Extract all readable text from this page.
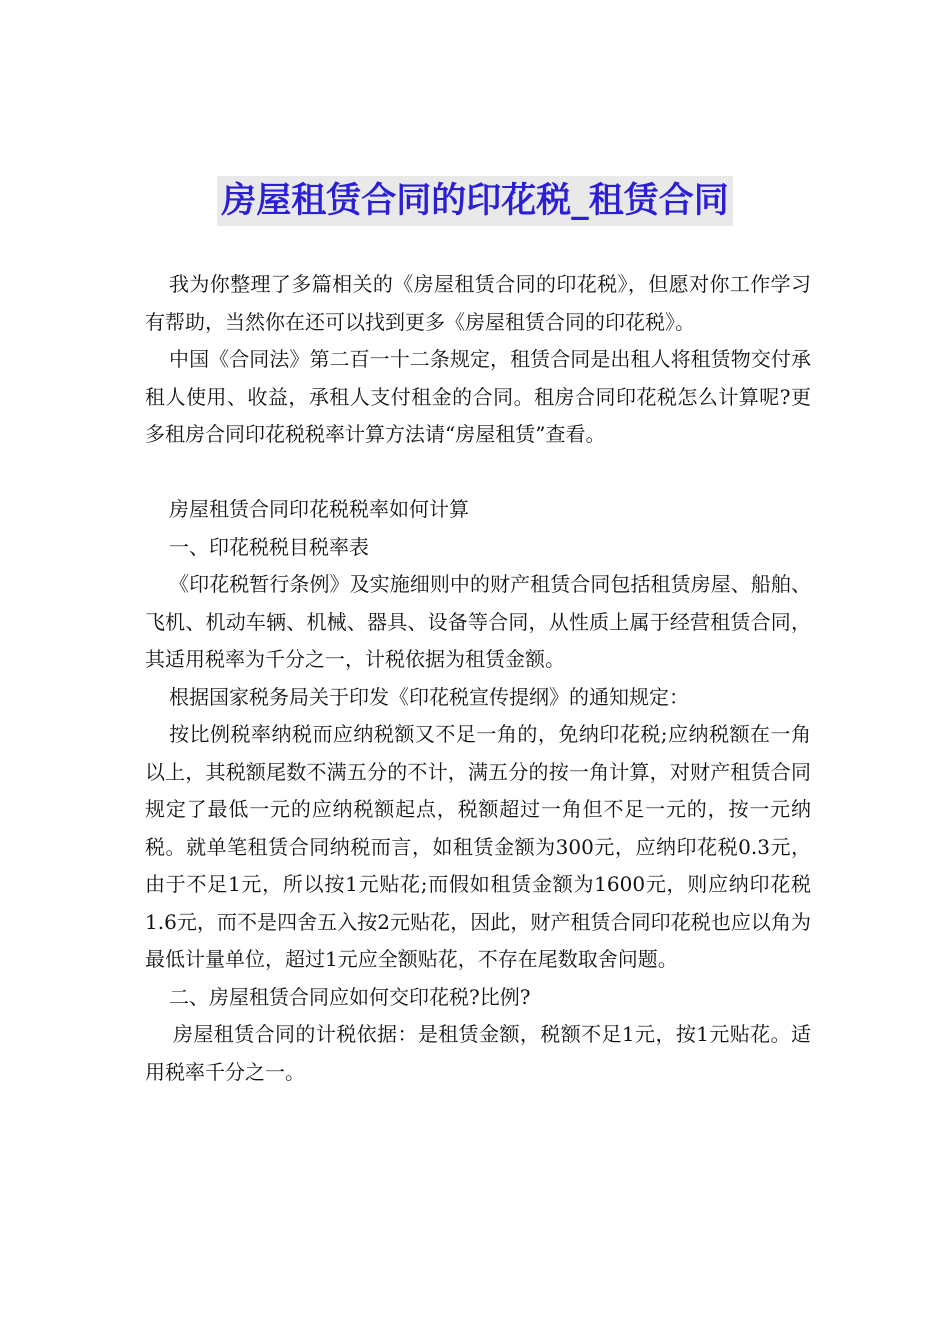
房屋租赁合同的印花税_租赁合同

我为你整理了多篇相关的《房屋租赁合同的印花税》，但愿对你工作学习有帮助，当然你在还可以找到更多《房屋租赁合同的印花税》。

中国《合同法》第二百一十二条规定，租赁合同是出租人将租赁物交付承租人使用、收益，承租人支付租金的合同。租房合同印花税怎么计算呢?更多租房合同印花税税率计算方法请“房屋租赁”查看。

房屋租赁合同印花税税率如何计算

一、印花税税目税率表

《印花税暂行条例》及实施细则中的财产租赁合同包括租赁房屋、船舶、飞机、机动车辆、机械、器具、设备等合同，从性质上属于经营租赁合同，其适用税率为千分之一，计税依据为租赁金额。

根据国家税务局关于印发《印花税宣传提纲》的通知规定：

按比例税率纳税而应纳税额又不足一角的，免纳印花税;应纳税额在一角以上，其税额尾数不满五分的不计，满五分的按一角计算，对财产租赁合同规定了最低一元的应纳税额起点，税额超过一角但不足一元的，按一元纳税。就单笔租赁合同纳税而言，如租赁金额为300元，应纳印花税0.3元，由于不足1元，所以按1元贴花;而假如租赁金额为1600元，则应纳印花税1.6元，而不是四舍五入按2元贴花，因此，财产租赁合同印花税也应以角为最低计量单位，超过1元应全额贴花，不存在尾数取舍问题。

二、房屋租赁合同应如何交印花税?比例?

房屋租赁合同的计税依据：是租赁金额，税额不足1元，按1元贴花。适用税率千分之一。
